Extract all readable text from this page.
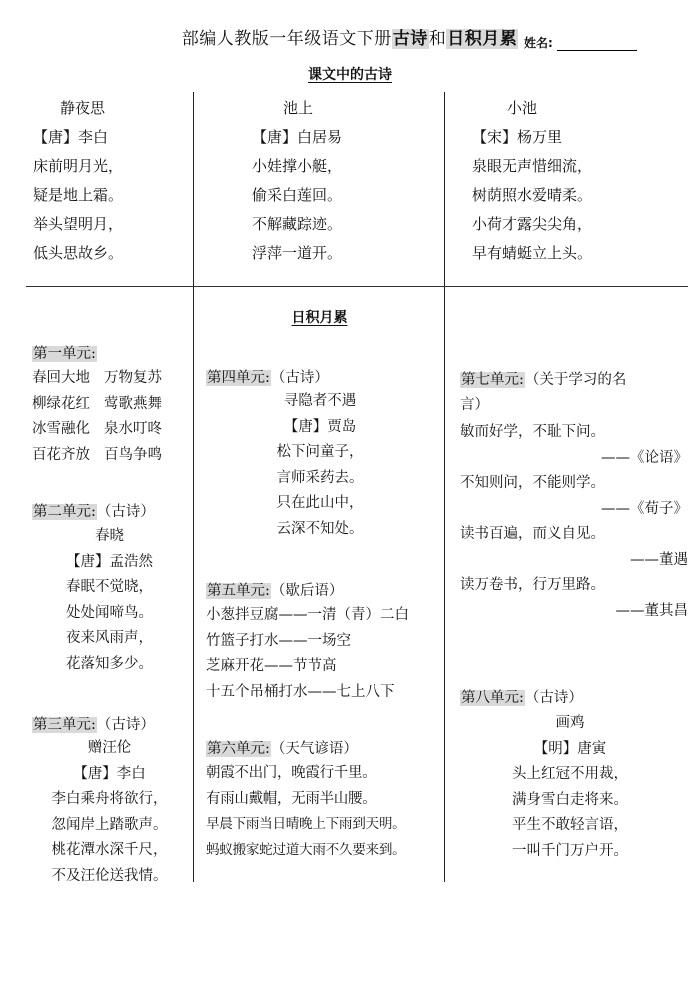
部编人教版一年级语文下册古诗和日积月累 姓名:
课文中的古诗
静夜思
【唐】李白
床前明月光，
疑是地上霜。
举头望明月，
低头思故乡。
池上
【唐】白居易
小娃撑小艇，
偷采白莲回。
不解藏踪迹。
浮萍一道开。
小池
【宋】杨万里
泉眼无声惜细流，
树荫照水爱晴柔。
小荷才露尖尖角，
早有蜻蜓立上头。
日积月累
第一单元:
春回大地 万物复苏
柳绿花红 莺歌燕舞
冰雪融化 泉水叮咚
百花齐放 百鸟争鸣
第二单元:（古诗）
春晓
【唐】孟浩然
春眠不觉晓，
处处闻啼鸟。
夜来风雨声，
花落知多少。
第三单元:（古诗）
赠汪伦
【唐】李白
李白乘舟将欲行，
忽闻岸上踏歌声。
桃花潭水深千尺，
不及汪伦送我情。
第四单元:（古诗）
寻隐者不遇
【唐】贾岛
松下问童子，
言师采药去。
只在此山中，
云深不知处。
第五单元:（歇后语）
小葱拌豆腐——一清（青）二白
竹篮子打水——一场空
芝麻开花——节节高
十五个吊桶打水——七上八下
第六单元:（天气谚语）
朝霞不出门，晚霞行千里。
有雨山戴帽，无雨半山腰。
早晨下雨当日晴晚上下雨到天明。
蚂蚁搬家蛇过道大雨不久要来到。
第七单元:（关于学习的名
言）
敏而好学，不耻下问。
——《论语》
不知则问，不能则学。
——《荀子》
读书百遍，而义自见。
——董遇
读万卷书，行万里路。
——董其昌
第八单元:（古诗）
画鸡
【明】唐寅
头上红冠不用裁，
满身雪白走将来。
平生不敢轻言语，
一叫千门万户开。
